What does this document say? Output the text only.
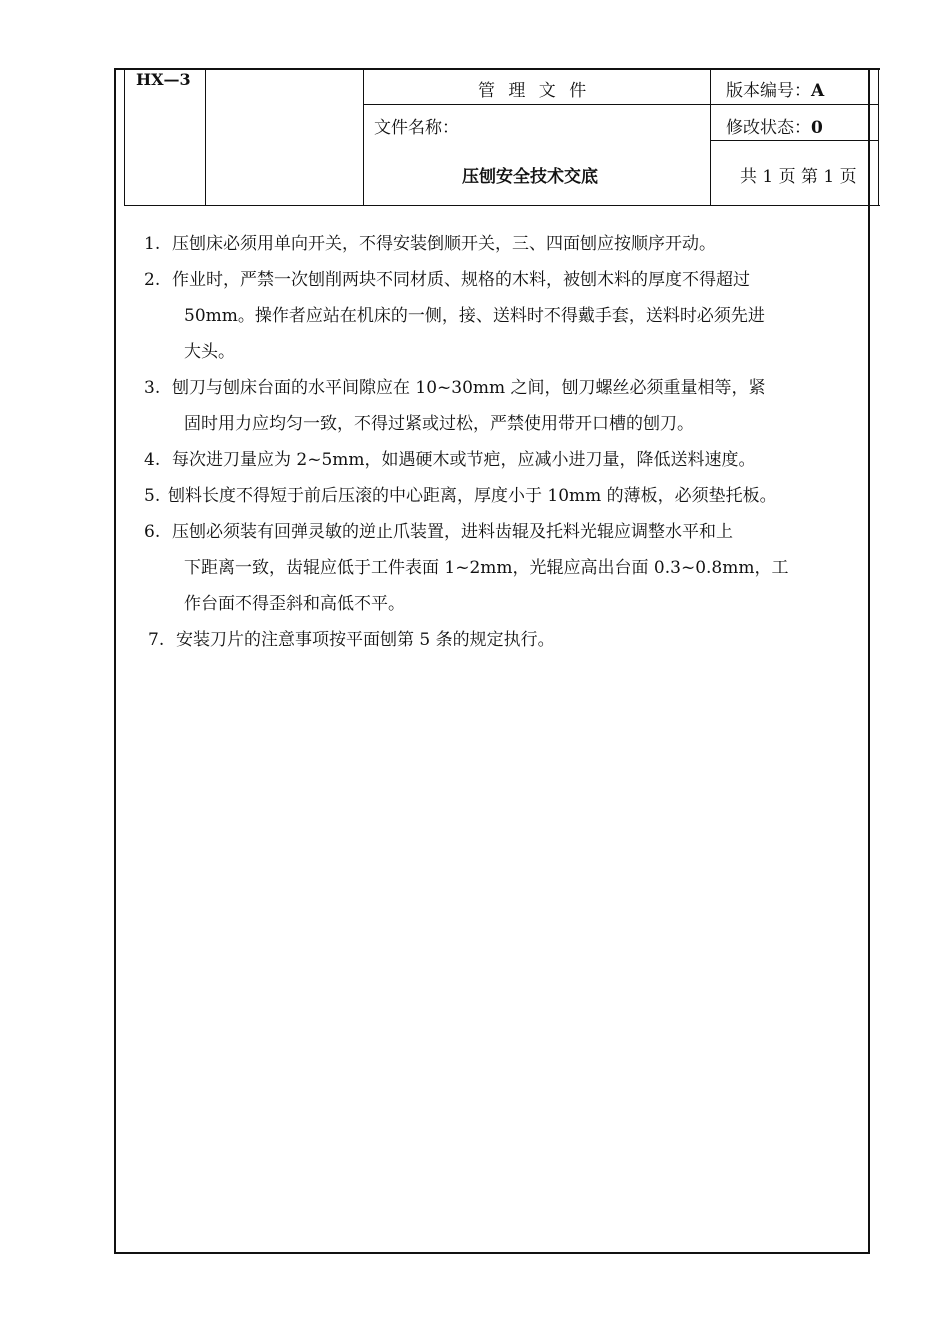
HX—3
管 理 文 件	版本编号：A
文件名称：	修改状态：0
压刨安全技术交底	共 1 页 第 1 页
1. 压刨床必须用单向开关，不得安装倒顺开关，三、四面刨应按顺序开动。
2. 作业时，严禁一次刨削两块不同材质、规格的木料，被刨木料的厚度不得超过
50mm。操作者应站在机床的一侧，接、送料时不得戴手套，送料时必须先进
大头。
3. 刨刀与刨床台面的水平间隙应在 10~30mm 之间，刨刀螺丝必须重量相等，紧
固时用力应均匀一致，不得过紧或过松，严禁使用带开口槽的刨刀。
4. 每次进刀量应为 2~5mm，如遇硬木或节疤，应减小进刀量，降低送料速度。
5. 刨料长度不得短于前后压滚的中心距离，厚度小于 10mm 的薄板，必须垫托板。
6. 压刨必须装有回弹灵敏的逆止爪装置，进料齿辊及托料光辊应调整水平和上
下距离一致，齿辊应低于工件表面 1~2mm，光辊应高出台面 0.3~0.8mm，工
作台面不得歪斜和高低不平。
7. 安装刀片的注意事项按平面刨第 5 条的规定执行。
